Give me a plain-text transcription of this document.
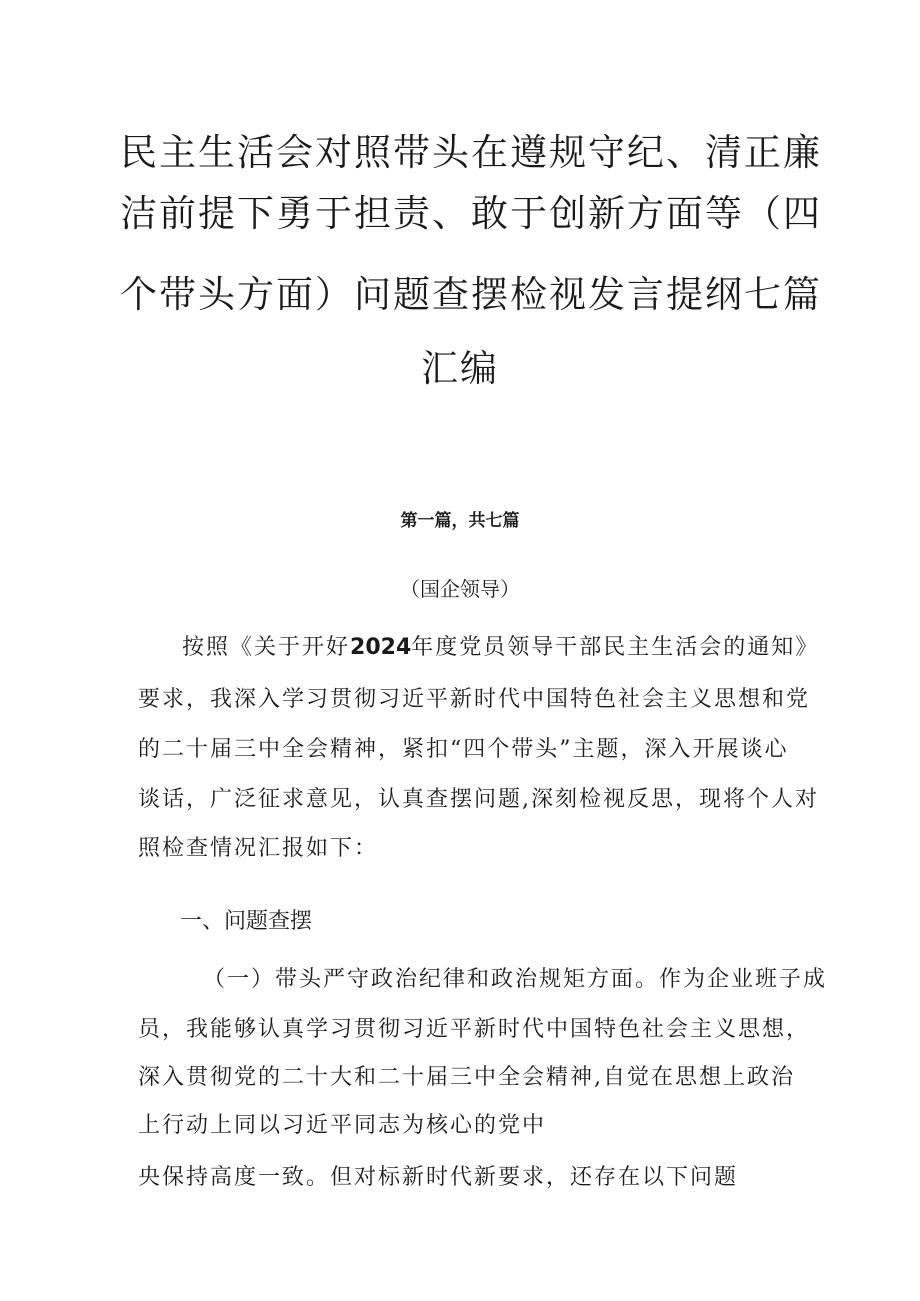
民主生活会对照带头在遵规守纪、清正廉
洁前提下勇于担责、敢于创新方面等（四
个带头方面）问题查摆检视发言提纲七篇
汇编
第一篇，共七篇
（国企领导）
按照《关于开好2024年度党员领导干部民主生活会的通知》
要求，我深入学习贯彻习近平新时代中国特色社会主义思想和党
的二十届三中全会精神，紧扣“四个带头”主题，深入开展谈心
谈话，广泛征求意见，认真查摆问题,深刻检视反思，现将个人对
照检查情况汇报如下：
一、问题查摆
（一）带头严守政治纪律和政治规矩方面。作为企业班子成
员，我能够认真学习贯彻习近平新时代中国特色社会主义思想，
深入贯彻党的二十大和二十届三中全会精神,自觉在思想上政治
上行动上同以习近平同志为核心的党中
央保持高度一致。但对标新时代新要求，还存在以下问题
